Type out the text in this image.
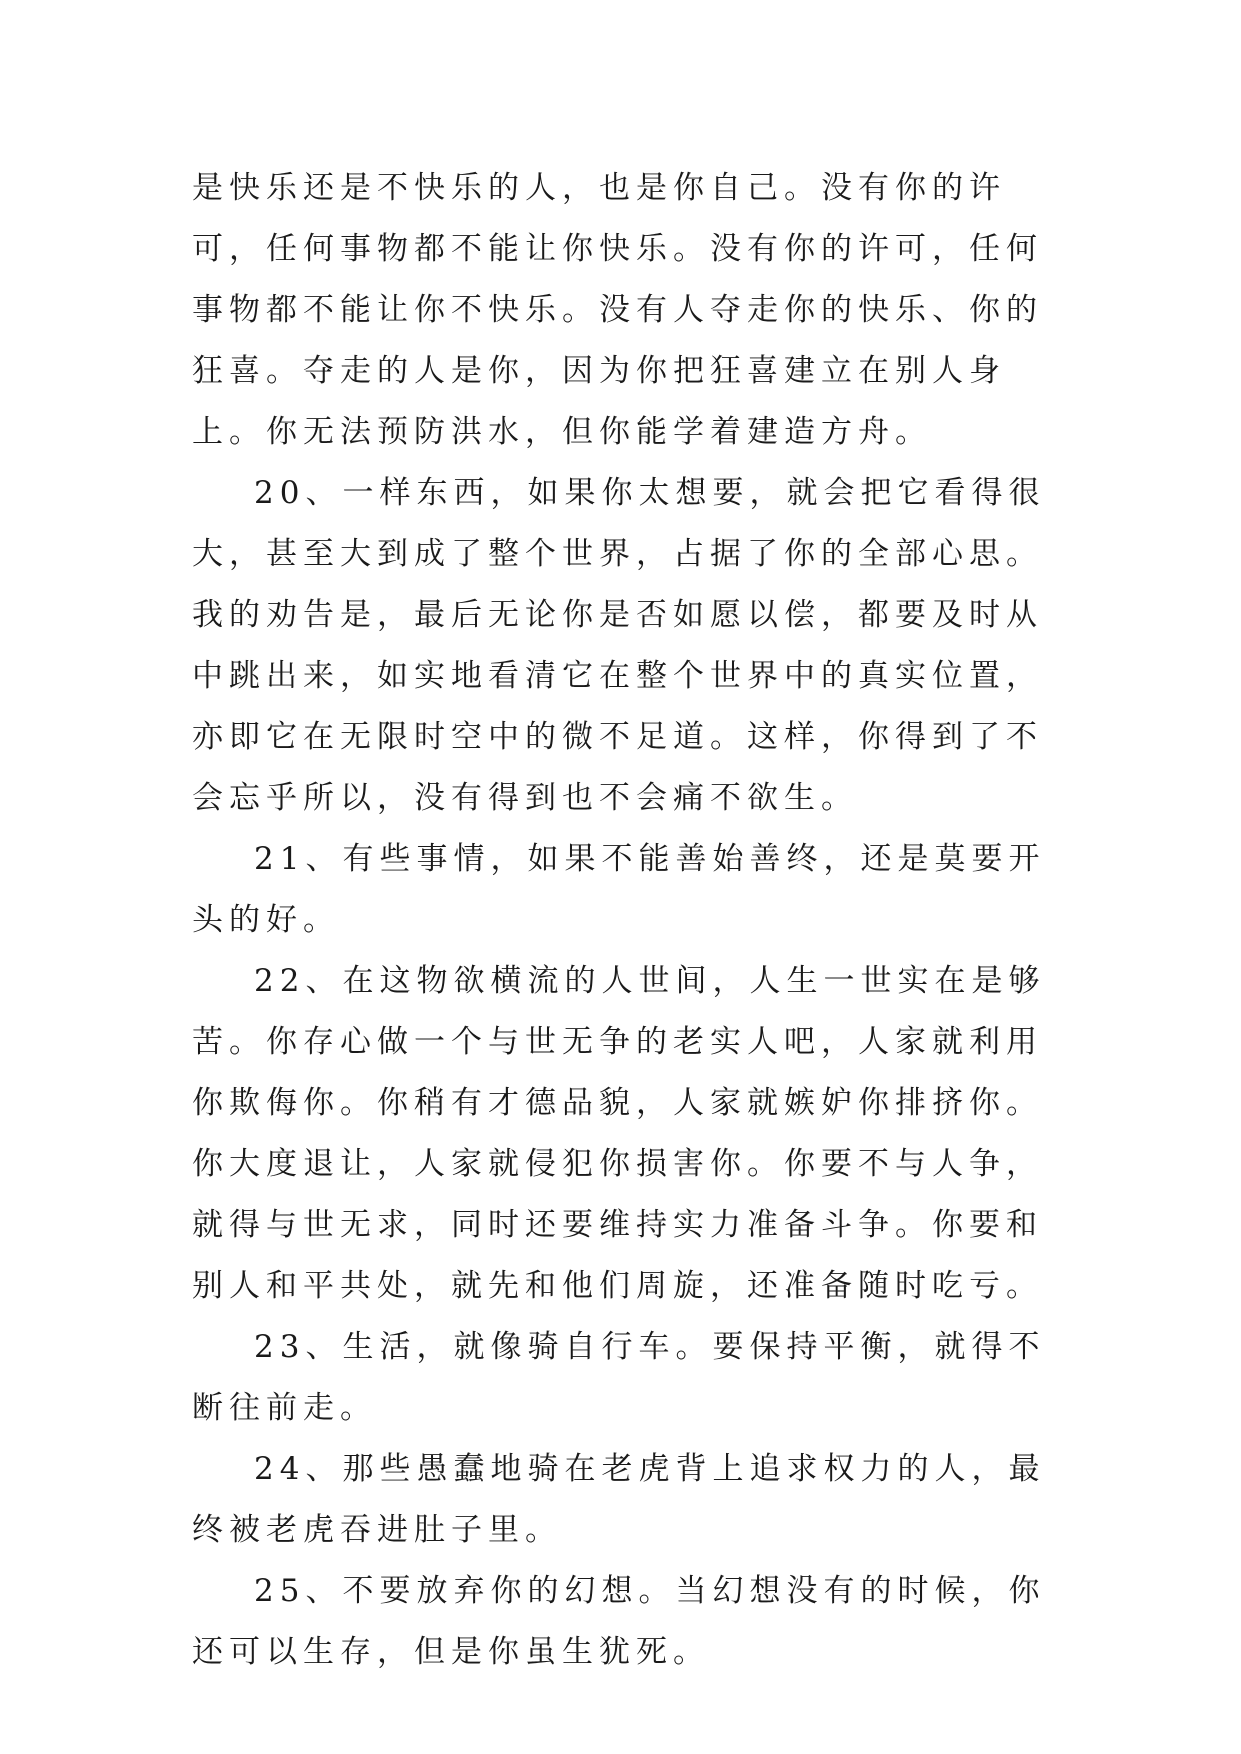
是快乐还是不快乐的人，也是你自己。没有你的许可，任何事物都不能让你快乐。没有你的许可，任何事物都不能让你不快乐。没有人夺走你的快乐、你的狂喜。夺走的人是你，因为你把狂喜建立在别人身上。你无法预防洪水，但你能学着建造方舟。

20、一样东西，如果你太想要，就会把它看得很大，甚至大到成了整个世界，占据了你的全部心思。我的劝告是，最后无论你是否如愿以偿，都要及时从中跳出来，如实地看清它在整个世界中的真实位置，亦即它在无限时空中的微不足道。这样，你得到了不会忘乎所以，没有得到也不会痛不欲生。

21、有些事情，如果不能善始善终，还是莫要开头的好。

22、在这物欲横流的人世间，人生一世实在是够苦。你存心做一个与世无争的老实人吧，人家就利用你欺侮你。你稍有才德品貌，人家就嫉妒你排挤你。你大度退让，人家就侵犯你损害你。你要不与人争，就得与世无求，同时还要维持实力准备斗争。你要和别人和平共处，就先和他们周旋，还准备随时吃亏。

23、生活，就像骑自行车。要保持平衡，就得不断往前走。

24、那些愚蠢地骑在老虎背上追求权力的人，最终被老虎吞进肚子里。

25、不要放弃你的幻想。当幻想没有的时候，你还可以生存，但是你虽生犹死。
